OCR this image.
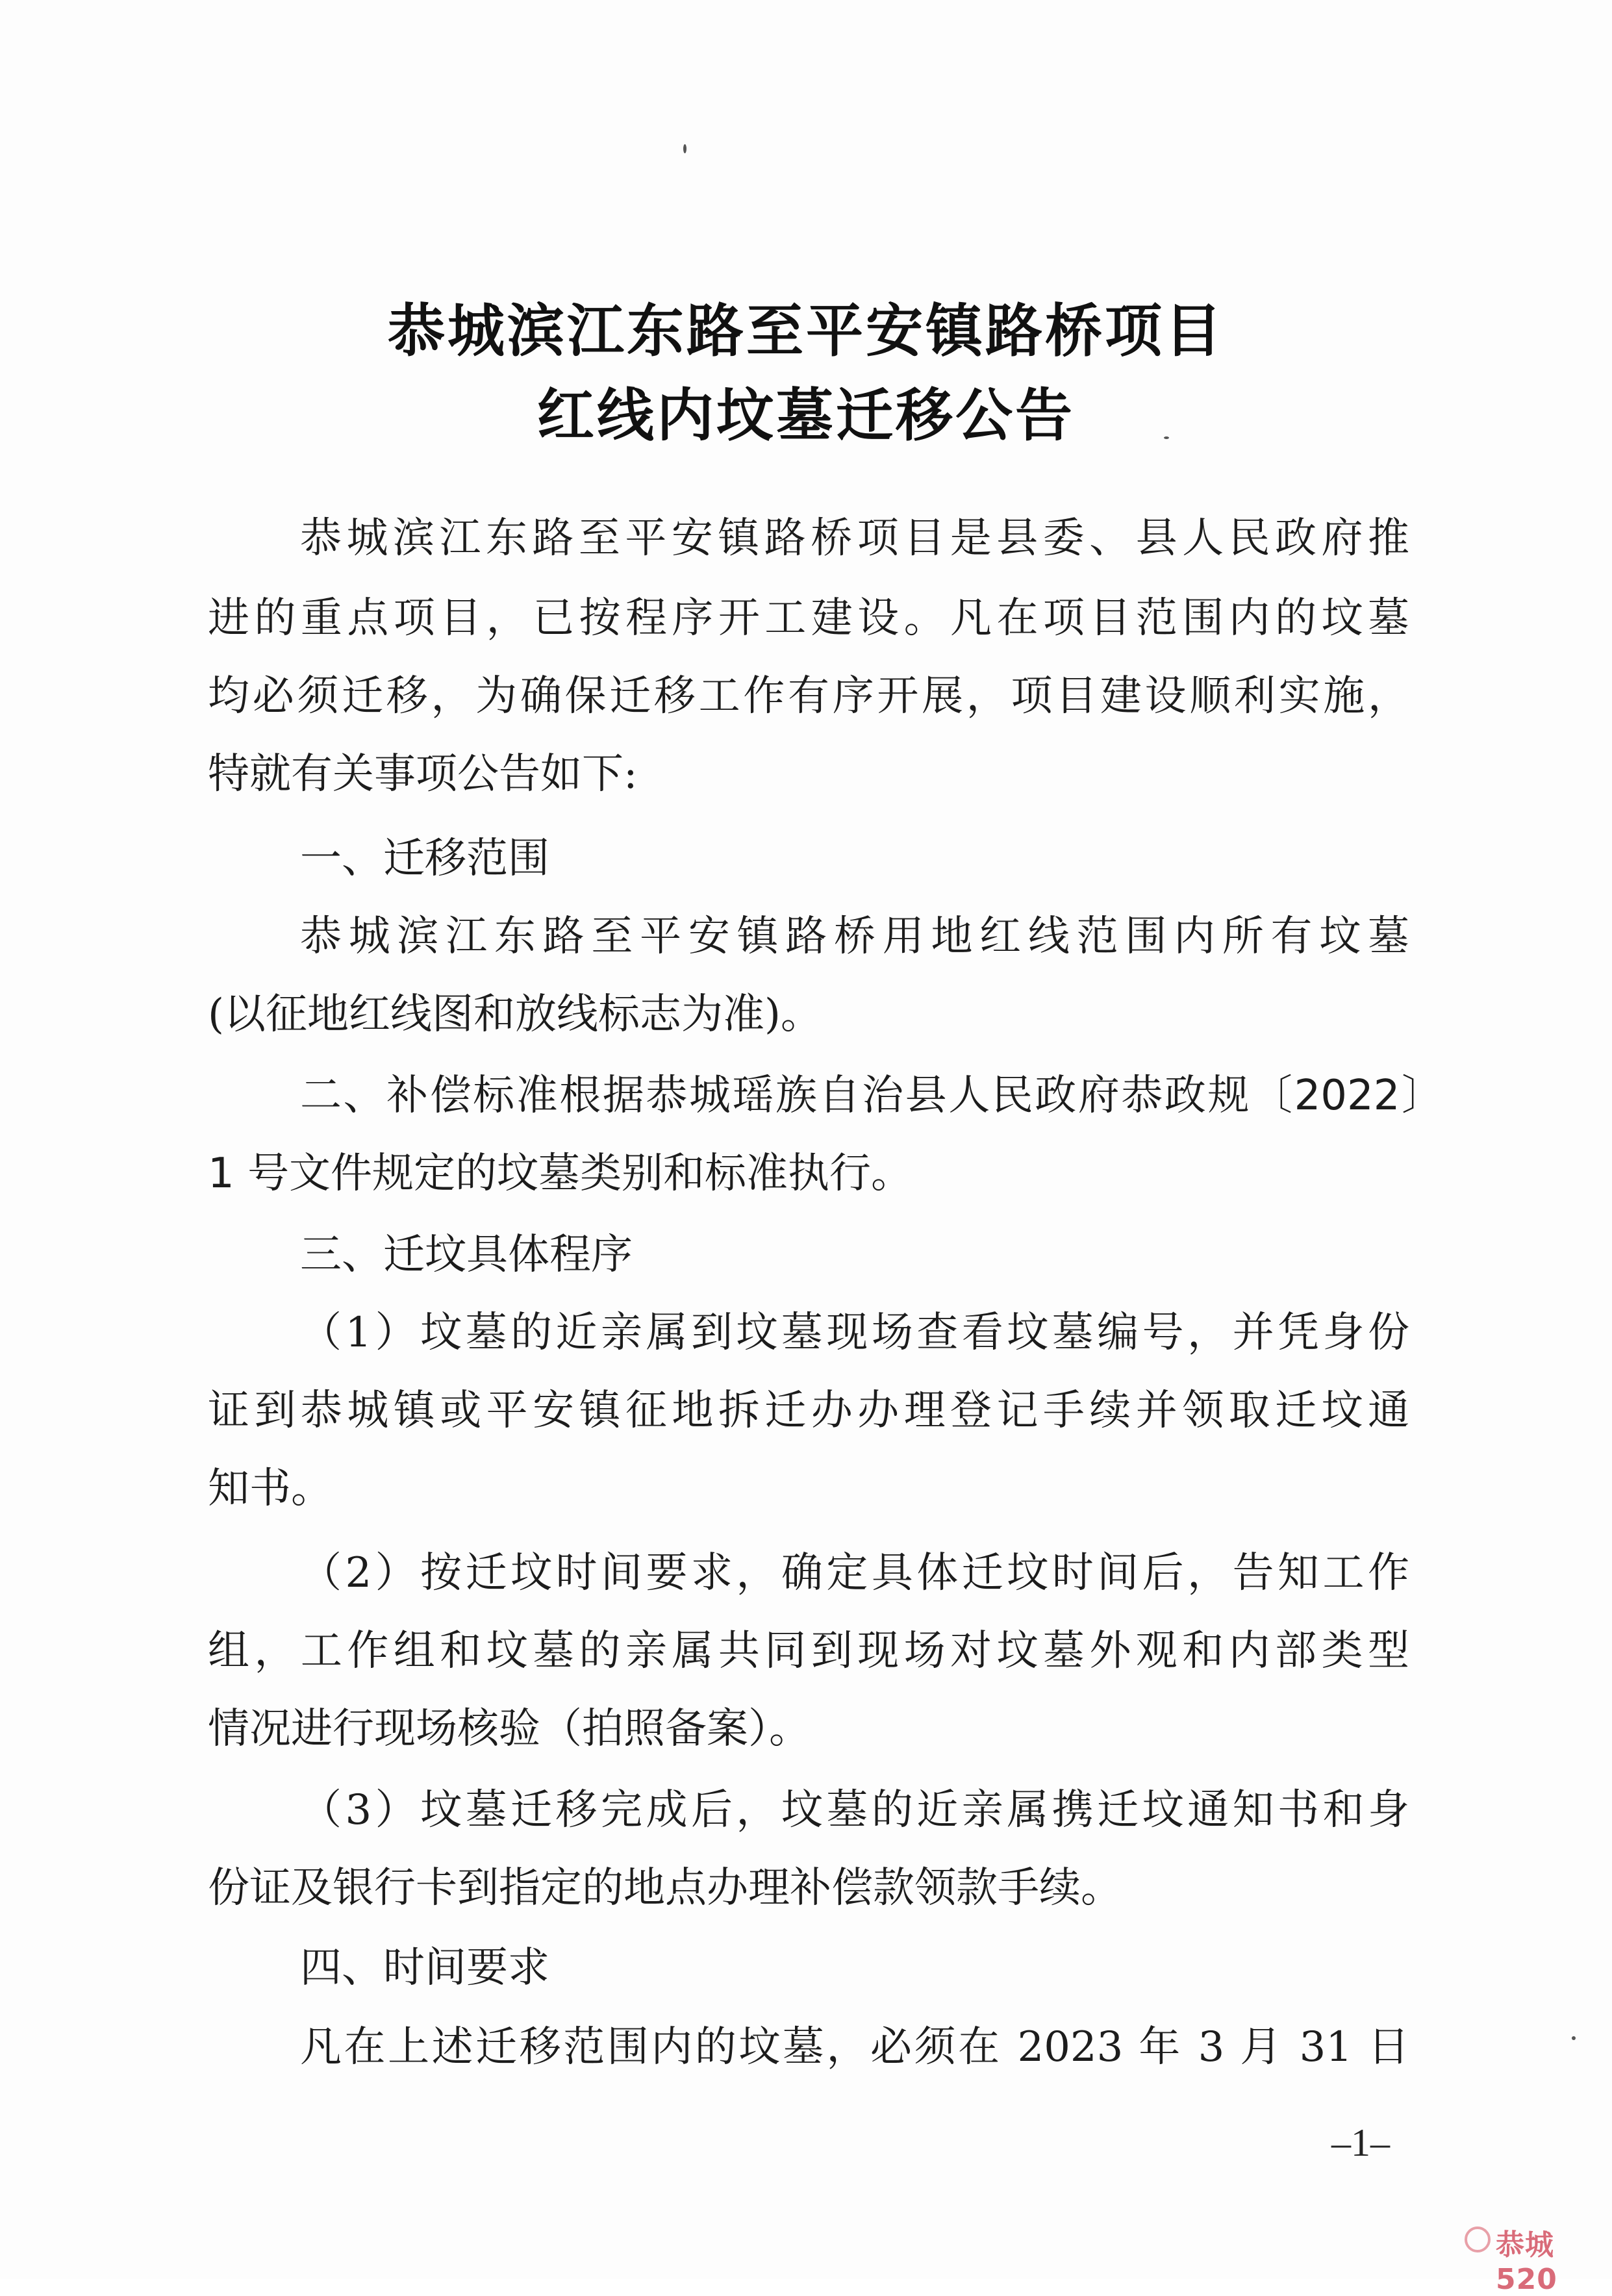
恭城滨江东路至平安镇路桥项目
红线内坟墓迁移公告
恭城滨江东路至平安镇路桥项目是县委、县人民政府推
进的重点项目，已按程序开工建设。凡在项目范围内的坟墓
均必须迁移，为确保迁移工作有序开展，项目建设顺利实施，
特就有关事项公告如下:
一、迁移范围
恭城滨江东路至平安镇路桥用地红线范围内所有坟墓
(以征地红线图和放线标志为准)。
二、补偿标准根据恭城瑶族自治县人民政府恭政规〔2022〕
1 号文件规定的坟墓类别和标准执行。
三、迁坟具体程序
（1）坟墓的近亲属到坟墓现场查看坟墓编号，并凭身份
证到恭城镇或平安镇征地拆迁办办理登记手续并领取迁坟通
知书。
（2）按迁坟时间要求，确定具体迁坟时间后，告知工作
组，工作组和坟墓的亲属共同到现场对坟墓外观和内部类型
情况进行现场核验（拍照备案）。
（3）坟墓迁移完成后，坟墓的近亲属携迁坟通知书和身
份证及银行卡到指定的地点办理补偿款领款手续。
四、时间要求
凡在上述迁移范围内的坟墓，必须在 2023 年 3 月 31 日
–1–
恭城520
